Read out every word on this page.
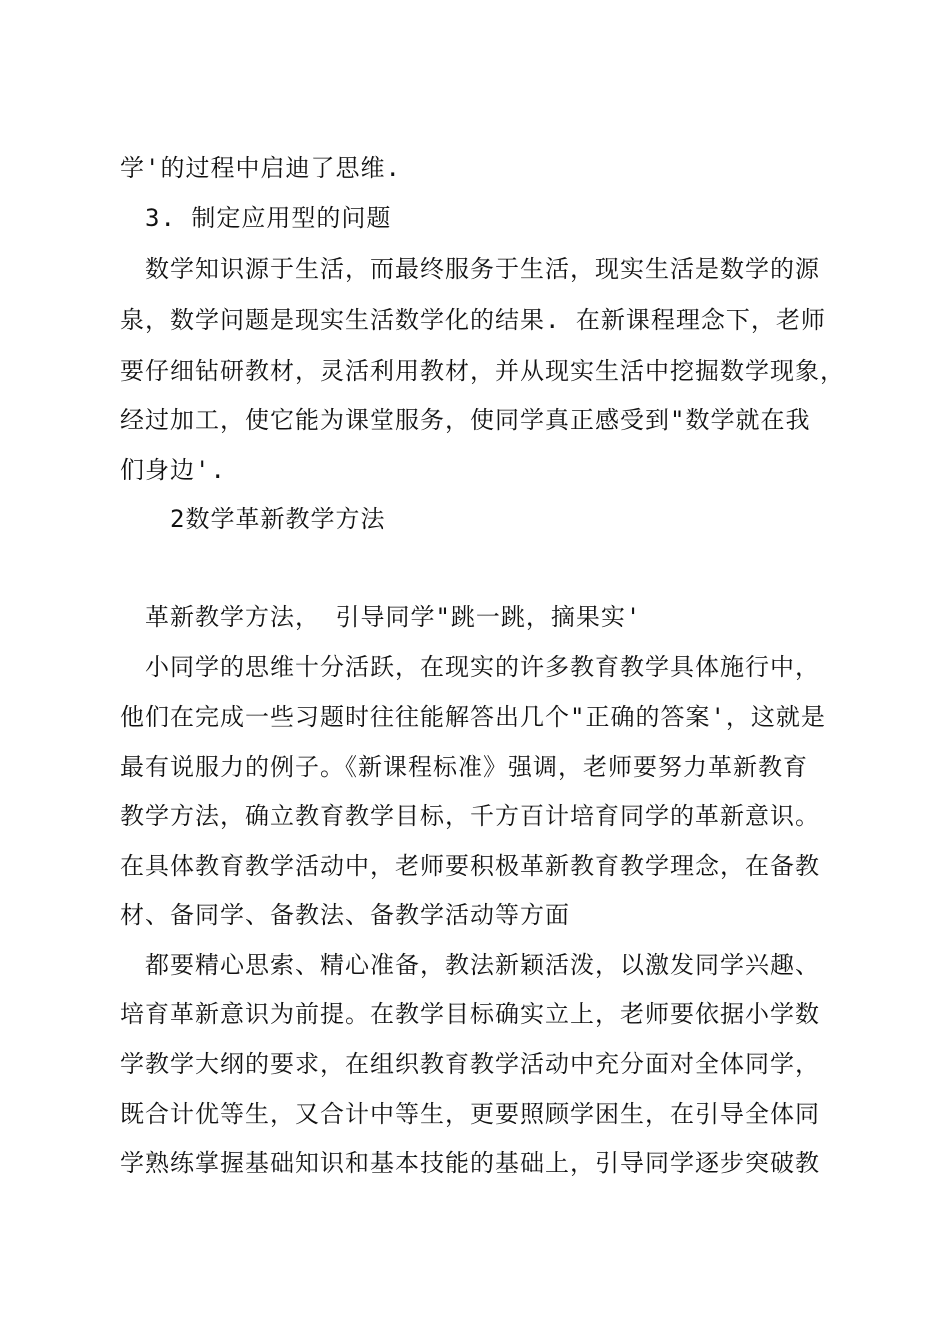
学'的过程中启迪了思维.
3. 制定应用型的问题
数学知识源于生活，而最终服务于生活，现实生活是数学的源
泉，数学问题是现实生活数学化的结果. 在新课程理念下，老师
要仔细钻研教材，灵活利用教材，并从现实生活中挖掘数学现象，
经过加工，使它能为课堂服务，使同学真正感受到"数学就在我
们身边'.
2数学革新教学方法
革新教学方法， 引导同学"跳一跳，摘果实'
小同学的思维十分活跃，在现实的许多教育教学具体施行中，
他们在完成一些习题时往往能解答出几个"正确的答案'，这就是
最有说服力的例子。《新课程标准》强调，老师要努力革新教育
教学方法，确立教育教学目标，千方百计培育同学的革新意识。
在具体教育教学活动中，老师要积极革新教育教学理念，在备教
材、备同学、备教法、备教学活动等方面
都要精心思索、精心准备，教法新颖活泼，以激发同学兴趣、
培育革新意识为前提。在教学目标确实立上，老师要依据小学数
学教学大纲的要求，在组织教育教学活动中充分面对全体同学，
既合计优等生，又合计中等生，更要照顾学困生，在引导全体同
学熟练掌握基础知识和基本技能的基础上，引导同学逐步突破教
